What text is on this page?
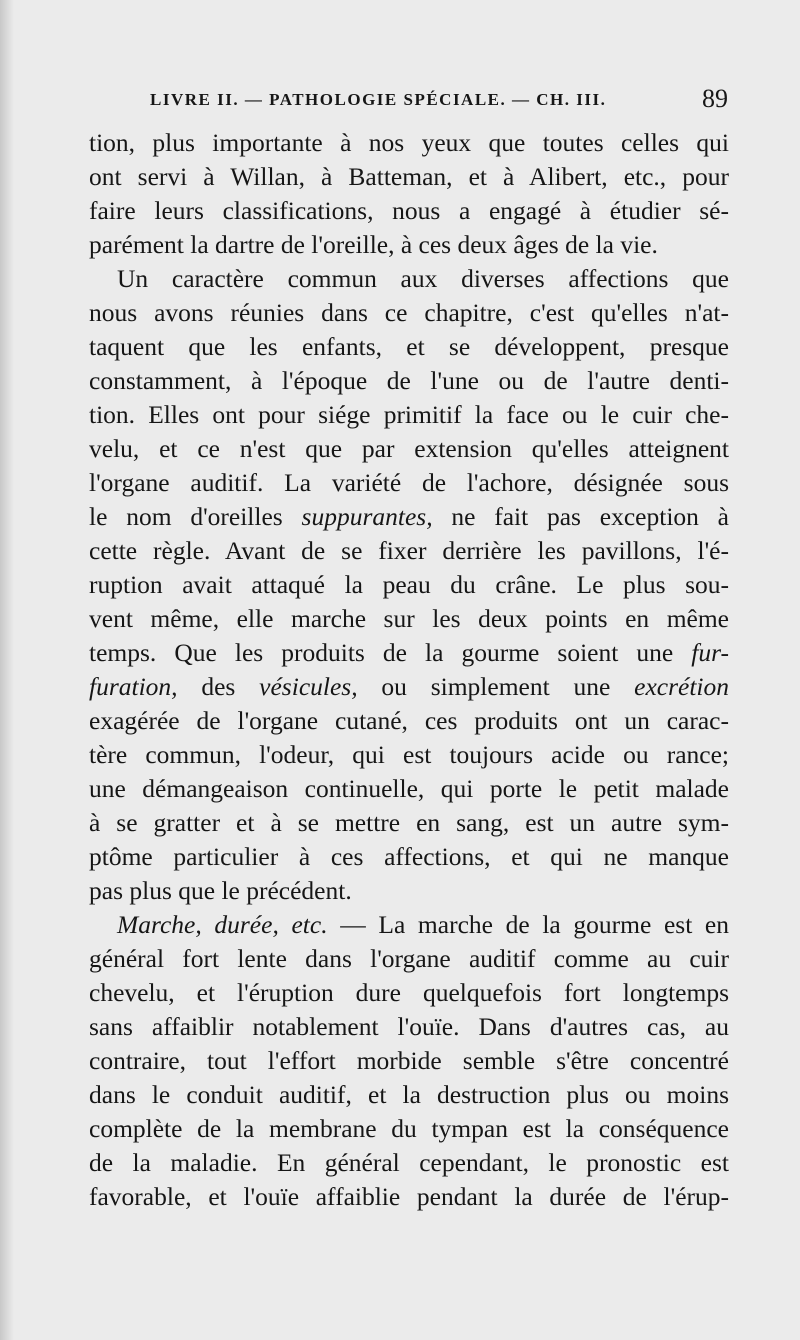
LIVRE II. — PATHOLOGIE SPÉCIALE. — CH. III.	89
tion, plus importante à nos yeux que toutes celles qui
ont servi à Willan, à Batteman, et à Alibert, etc., pour
faire leurs classifications, nous a engagé à étudier sé-
parément la dartre de l'oreille, à ces deux âges de la vie.
Un caractère commun aux diverses affections que
nous avons réunies dans ce chapitre, c'est qu'elles n'at-
taquent que les enfants, et se développent, presque
constamment, à l'époque de l'une ou de l'autre denti-
tion. Elles ont pour siége primitif la face ou le cuir che-
velu, et ce n'est que par extension qu'elles atteignent
l'organe auditif. La variété de l'achore, désignée sous
le nom d'oreilles suppurantes, ne fait pas exception à
cette règle. Avant de se fixer derrière les pavillons, l'é-
ruption avait attaqué la peau du crâne. Le plus sou-
vent même, elle marche sur les deux points en même
temps. Que les produits de la gourme soient une fur-
furation, des vésicules, ou simplement une excrétion
exagérée de l'organe cutané, ces produits ont un carac-
tère commun, l'odeur, qui est toujours acide ou rance;
une démangeaison continuelle, qui porte le petit malade
à se gratter et à se mettre en sang, est un autre sym-
ptôme particulier à ces affections, et qui ne manque
pas plus que le précédent.
Marche, durée, etc. — La marche de la gourme est en
général fort lente dans l'organe auditif comme au cuir
chevelu, et l'éruption dure quelquefois fort longtemps
sans affaiblir notablement l'ouïe. Dans d'autres cas, au
contraire, tout l'effort morbide semble s'être concentré
dans le conduit auditif, et la destruction plus ou moins
complète de la membrane du tympan est la conséquence
de la maladie. En général cependant, le pronostic est
favorable, et l'ouïe affaiblie pendant la durée de l'érup-
